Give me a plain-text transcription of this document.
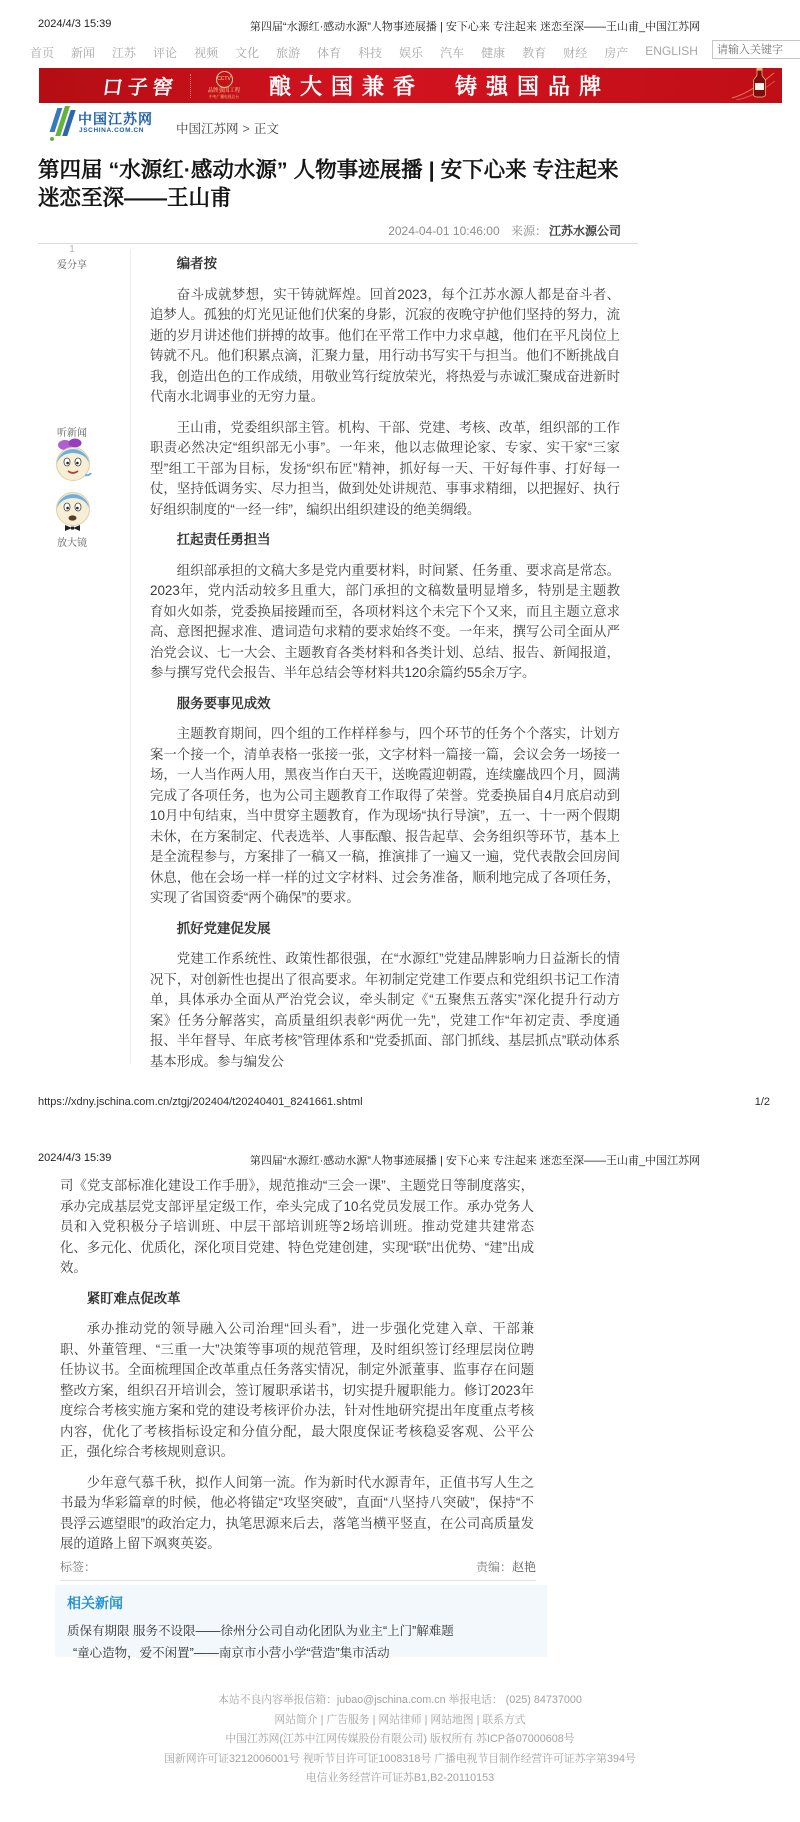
2024/4/3 15:39	第四届“水源红·感动水源”人物事迹展播 | 安下心来 专注起来 迷恋至深——王山甫_中国江苏网
首页 新闻 江苏 评论 视频 文化 旅游 体育 科技 娱乐 汽车 健康 教育 财经 房产 ENGLISH
请输入关键字
口子窖	CCTV
品牌强国工程
中央广播电视总台 酿大国兼香　铸强国品牌
中国江苏网
JSCHINA.COM.CN	中国江苏网 > 正文
第四届 “水源红·感动水源” 人物事迹展播 | 安下心来 专注起来 迷恋至深——王山甫
2024-04-01 10:46:00 来源： 江苏水源公司
1
爱分享
听新闻
放大镜

编者按

奋斗成就梦想，实干铸就辉煌。回首2023，每个江苏水源人都是奋斗者、追梦人。孤独的灯光见证他们伏案的身影，沉寂的夜晚守护他们坚持的努力，流逝的岁月讲述他们拼搏的故事。他们在平常工作中力求卓越，他们在平凡岗位上铸就不凡。他们积累点滴，汇聚力量，用行动书写实干与担当。他们不断挑战自我，创造出色的工作成绩，用敬业笃行绽放荣光，将热爱与赤诚汇聚成奋进新时代南水北调事业的无穷力量。

王山甫，党委组织部主管。机构、干部、党建、考核、改革，组织部的工作职责必然决定“组织部无小事”。一年来，他以志做理论家、专家、实干家“三家型”组工干部为目标，发扬“织布匠”精神，抓好每一天、干好每件事、打好每一仗，坚持低调务实、尽力担当，做到处处讲规范、事事求精细，以把握好、执行好组织制度的“一经一纬”，编织出组织建设的绝美绸缎。

扛起责任勇担当

组织部承担的文稿大多是党内重要材料，时间紧、任务重、要求高是常态。2023年，党内活动较多且重大，部门承担的文稿数量明显增多，特别是主题教育如火如荼，党委换届接踵而至，各项材料这个未完下个又来，而且主题立意求高、意图把握求准、遣词造句求精的要求始终不变。一年来，撰写公司全面从严治党会议、七一大会、主题教育各类材料和各类计划、总结、报告、新闻报道，参与撰写党代会报告、半年总结会等材料共120余篇约55余万字。

服务要事见成效

主题教育期间，四个组的工作样样参与，四个环节的任务个个落实，计划方案一个接一个，清单表格一张接一张，文字材料一篇接一篇，会议会务一场接一场，一人当作两人用，黑夜当作白天干，送晚霞迎朝霞，连续鏖战四个月，圆满完成了各项任务，也为公司主题教育工作取得了荣誉。党委换届自4月底启动到10月中旬结束，当中贯穿主题教育，作为现场“执行导演”，五一、十一两个假期未休，在方案制定、代表选举、人事酝酿、报告起草、会务组织等环节，基本上是全流程参与，方案排了一稿又一稿，推演排了一遍又一遍，党代表散会回房间休息，他在会场一样一样的过文字材料、过会务准备，顺利地完成了各项任务，实现了省国资委“两个确保”的要求。

抓好党建促发展

党建工作系统性、政策性都很强，在“水源红”党建品牌影响力日益渐长的情况下，对创新性也提出了很高要求。年初制定党建工作要点和党组织书记工作清单，具体承办全面从严治党会议，牵头制定《“五聚焦五落实”深化提升行动方案》任务分解落实，高质量组织表彰“两优一先”，党建工作“年初定责、季度通报、半年督导、年底考核”管理体系和“党委抓面、部门抓线、基层抓点”联动体系基本形成。参与编发公

https://xdny.jschina.com.cn/ztgj/202404/t20240401_8241661.shtml	1/2
2024/4/3 15:39	第四届“水源红·感动水源”人物事迹展播 | 安下心来 专注起来 迷恋至深——王山甫_中国江苏网

司《党支部标准化建设工作手册》，规范推动“三会一课”、主题党日等制度落实，承办完成基层党支部评星定级工作，牵头完成了10名党员发展工作。承办党务人员和入党积极分子培训班、中层干部培训班等2场培训班。推动党建共建常态化、多元化、优质化，深化项目党建、特色党建创建，实现“联”出优势、“建”出成效。

紧盯难点促改革

承办推动党的领导融入公司治理“回头看”，进一步强化党建入章、干部兼职、外董管理、“三重一大”决策等事项的规范管理，及时组织签订经理层岗位聘任协议书。全面梳理国企改革重点任务落实情况，制定外派董事、监事存在问题整改方案，组织召开培训会，签订履职承诺书，切实提升履职能力。修订2023年度综合考核实施方案和党的建设考核评价办法，针对性地研究提出年度重点考核内容，优化了考核指标设定和分值分配，最大限度保证考核稳妥客观、公平公正，强化综合考核规则意识。

少年意气慕千秋，拟作人间第一流。作为新时代水源青年，正值书写人生之书最为华彩篇章的时候，他必将锚定“攻坚突破”，直面“八坚持八突破”，保持“不畏浮云遮望眼”的政治定力，执笔思源来后去，落笔当横平竖直，在公司高质量发展的道路上留下飒爽英姿。

标签：	责编：赵艳
相关新闻
质保有期限 服务不设限——徐州分公司自动化团队为业主“上门”解难题
“童心造物，爱不闲置”——南京市小营小学“营造”集市活动
本站不良内容举报信箱：jubao@jschina.com.cn 举报电话： (025) 84737000
网站简介 | 广告服务 | 网站律师 | 网站地图 | 联系方式
中国江苏网(江苏中江网传媒股份有限公司) 版权所有 苏ICP备07000608号
国新网许可证3212006001号 视听节目许可证1008318号 广播电视节目制作经营许可证苏字第394号
电信业务经营许可证苏B1,B2-20110153
